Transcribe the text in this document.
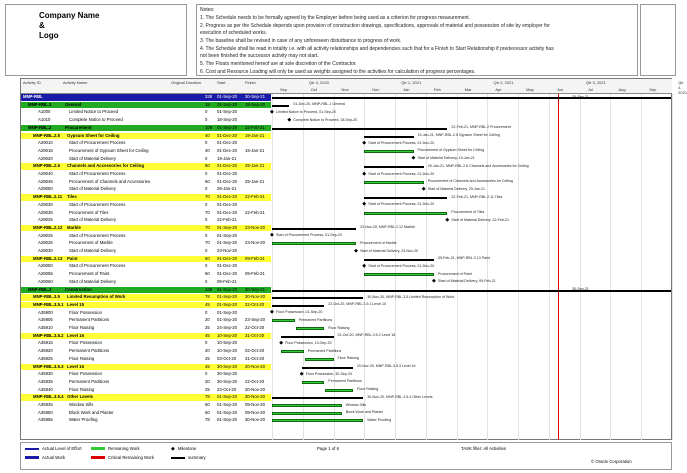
Company Name
&
Logo
Notes:
1. The Schedule needs to be formally agreed by the Employer before being used as a criterion for progress measurement.
2. Progress as per the Schedule depends upon provision of construction drawings, specifications, approvals of material and possession of site by employer for
execution of scheduled works.
3. The baseline shall be revised in case of any unforeseen disturbance to progress of work.
4. The Schedule shall be read in totality i.e. with all activity relationships and dependencies such that for a Finish to Start Relationship if predecessor activity has
not been finished the successor activity may not start.
5. The Floats mentioned hereof are at sole discretion of the Contractor.
6. Cost and Resource Loading will only be used as weights assigned to the activities for calculation of progress percentages.
Activity ID	Activity Name	Original Duration	Start	Finish	Qtr 4, 2020	Qtr 1, 2021	Qtr 2, 2021	Qtr 3, 2021	Qtr 4, 2021
Sep	Oct	Nov	Dec	Jan	Feb	Mar	Apr	May	Jun	Jul	Aug	Sep
MNP-RBL	338 01-Sep-20 30-Sep-21
MNP-RBL.1	General	18 01-Sep-20 18-Sep-20
A1000	Limited Notice to Proceed	0 01-Sep-20
A1010	Complete Notice to Proceed	0 18-Sep-20
MNP-RBL.2	Procurement	108 01-Sep-20 22-Feb-21
MNP-RBL.2.5 Gypsum Sheet for Ceiling	40 01-Dec-20 19-Jan-21
A29010	Start of Procurement Process	0 01-Dec-20
A29015	Procurement of Gypsum Sheet for Ceiling	40 01-Dec-20 19-Jan-21
A29020	Start of Material Delivery	0 19-Jan-21
MNP-RBL.2.6 Channels and Accessories for Ceiling	50 01-Dec-20 29-Jan-21
A29040	Start of Procurement Process	0 01-Dec-20
A29045	Procurement of Channels and Accessories	50 01-Dec-20 29-Jan-21
A29050	Start of Material Delivery	0 29-Jan-21
MNP-RBL.2.11 Tiles	70 01-Dec-20 22-Feb-21
A29030	Start of Procurement Process	0 01-Dec-20
A29035	Procurement of Tiles	70 01-Dec-20 22-Feb-21
A29025	Start of Material Delivery	0 22-Feb-21
MNP-RBL.2.12 Marble	70 01-Sep-20 23-Nov-20
A29025	Start of Procurement Process	0 01-Sep-20
A29026	Procurement of Marble	70 01-Sep-20 23-Nov-20
A29030	Start of Material Delivery	0 23-Nov-20
MNP-RBL.2.13 Paint	60 01-Dec-20 09-Feb-21
A29050	Start of Procurement Process	0 01-Dec-20
A29055	Procurement of Paint	60 01-Dec-20 09-Feb-21
A29060	Start of Material Delivery	0 09-Feb-21
MNP-RBL.3	Construction	338 01-Sep-20 30-Sep-21
MNP-RBL.3.5 Limited Resumption of Work	78 01-Sep-20 30-Nov-20
MNP-RBL.3.5.1 Level 15	45 01-Sep-20 22-Oct-20
A35900	Floor Possession	0 01-Sep-20
A35905	Permanent Partitions	20 01-Sep-20 23-Sep-20
A35910	Floor Raising	25 24-Sep-20 22-Oct-20
MNP-RBL.3.5.2 Level 16	45 10-Sep-20 31-Oct-20
A35915	Floor Possession	0 10-Sep-20
A35920	Permanent Partitions	20 10-Sep-20 02-Oct-20
A35925	Floor Raising	25 03-Oct-20 31-Oct-20
MNP-RBL.3.5.3 Level 16	45 30-Sep-20 20-Nov-20
A35930	Floor Possession	0 30-Sep-20
A35935	Permanent Partitions	20 30-Sep-20 22-Oct-20
A35940	Floor Raising	25 23-Oct-20 20-Nov-20
MNP-RBL.3.5.4 Other Levels	78 01-Sep-20 30-Nov-20
A35945	Window Sills	60 01-Sep-20 09-Nov-20
A35950	Block Work and Plaster	60 01-Sep-20 09-Nov-20
A35955	Water Proofing	78 01-Sep-20 30-Nov-20
30-Sep-21
01-Dec-20, MNP-RBL.1 General
◆ Limited Notice to Proceed, 01-Sep-20
◆ Complete Notice to Proceed, 18-Sep-20
22-Feb-21, MNP-RBL.2 Procurement
19-Jan-21, MNP-RBL.2.5 Gypsum Sheet for Ceiling
◆ Start of Procurement Process, 01-Dec-20
Procurement of Gypsum Sheet for Ceiling
◆ Start of Material Delivery, 19-Jan-21
29-Jan-21, MNP-RBL.2.6 Channels and Accessories for Ceiling
◆ Start of Procurement Process, 01-Dec-20
Procurement of Channels and Accessories for Ceiling
◆ Start of Material Delivery, 29-Jan-21
22-Feb-21, MNP-RBL.2.11 Tiles
◆ Start of Procurement Process, 01-Dec-20
Procurement of Tiles
◆ Start of Material Delivery, 22-Feb-21
23-Nov-20, MNP-RBL.2.12 Marble
◆ Start of Procurement Process, 01-Sep-20
Procurement of Marble
◆ Start of Material Delivery, 23-Nov-20
09-Feb-21, MNP-RBL.2.13 Paint
◆ Start of Procurement Process, 01-Dec-20
Procurement of Paint
◆ Start of Material Delivery, 09-Feb-21
30-Sep-21
30-Nov-20, MNP-RBL.3.5 Limited Resumption of Work
22-Oct-20, MNP-RBL.3.5.1 Level 15
◆ Floor Possession, 01-Sep-20
Permanent Partitions
Floor Raising
31-Oct-20, MNP-RBL.3.5.2 Level 16
◆ Floor Possession, 10-Sep-20
Permanent Partitions
Floor Raising
20-Nov-20, MNP-RBL.3.5.3 Level 16
◆ Floor Possession, 30-Sep-20
Permanent Partitions
Floor Raising
30-Nov-20, MNP-RBL.3.5.4 Other Levels
Window Sills
Block Work and Plaster
Water Proofing
Actual Level of Effort
Actual Work
Remaining Work
Critical Remaining Work
◆ Milestone
summary
Page 1 of 6	TASK filter: All Activities
© Oracle Corporation
